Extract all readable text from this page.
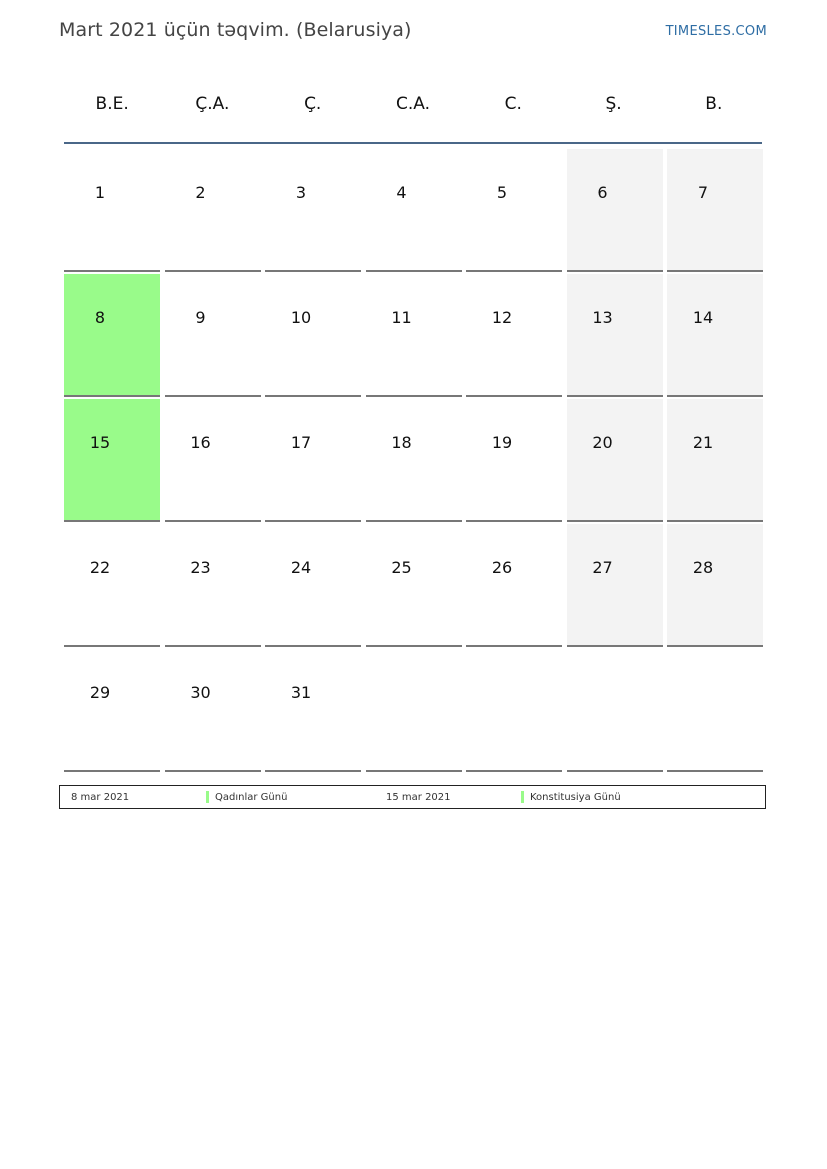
Mart 2021 üçün təqvim. (Belarusiya)	TIMESLES.COM
B.E.	Ç.A.	Ç.	C.A.	C.	Ş.	B.
1	2	3	4	5	6	7
8	9	10	11	12	13	14
15	16	17	18	19	20	21
22	23	24	25	26	27	28
29	30	31
8 mar 2021	Qadınlar Günü	15 mar 2021	Konstitusiya Günü
